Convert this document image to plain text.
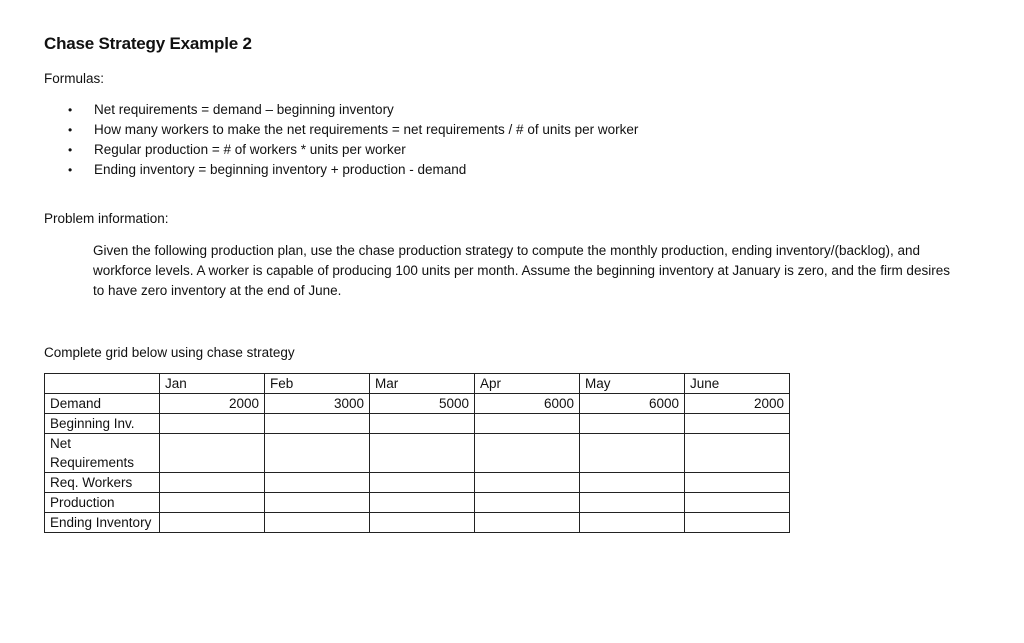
Chase Strategy Example 2
Formulas:
• Net requirements = demand – beginning inventory
• How many workers to make the net requirements = net requirements / # of units per worker
• Regular production = # of workers * units per worker
• Ending inventory = beginning inventory + production - demand
Problem information:
Given the following production plan, use the chase production strategy to compute the monthly production, ending inventory/(backlog), and workforce levels. A worker is capable of producing 100 units per month. Assume the beginning inventory at January is zero, and the firm desires to have zero inventory at the end of June.
Complete grid below using chase strategy
	Jan	Feb	Mar	Apr	May	June
Demand	2000	3000	5000	6000	6000	2000
Beginning Inv.						
Net Requirements						
Req. Workers						
Production						
Ending Inventory						
